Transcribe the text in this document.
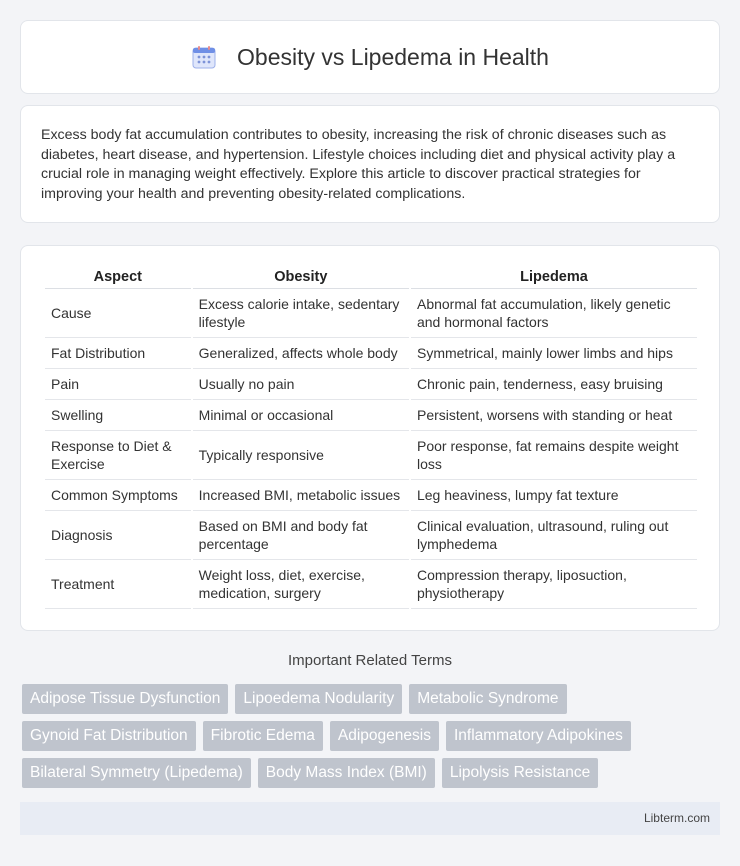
Obesity vs Lipedema in Health

Excess body fat accumulation contributes to obesity, increasing the risk of chronic diseases such as diabetes, heart disease, and hypertension. Lifestyle choices including diet and physical activity play a crucial role in managing weight effectively. Explore this article to discover practical strategies for improving your health and preventing obesity-related complications.

Aspect	Obesity	Lipedema
Cause	Excess calorie intake, sedentary lifestyle	Abnormal fat accumulation, likely genetic and hormonal factors
Fat Distribution	Generalized, affects whole body	Symmetrical, mainly lower limbs and hips
Pain	Usually no pain	Chronic pain, tenderness, easy bruising
Swelling	Minimal or occasional	Persistent, worsens with standing or heat
Response to Diet & Exercise	Typically responsive	Poor response, fat remains despite weight loss
Common Symptoms	Increased BMI, metabolic issues	Leg heaviness, lumpy fat texture
Diagnosis	Based on BMI and body fat percentage	Clinical evaluation, ultrasound, ruling out lymphedema
Treatment	Weight loss, diet, exercise, medication, surgery	Compression therapy, liposuction, physiotherapy
Important Related Terms
Adipose Tissue Dysfunction	Lipoedema Nodularity	Metabolic Syndrome
Gynoid Fat Distribution	Fibrotic Edema	Adipogenesis	Inflammatory Adipokines
Bilateral Symmetry (Lipedema)	Body Mass Index (BMI)	Lipolysis Resistance
Libterm.com
